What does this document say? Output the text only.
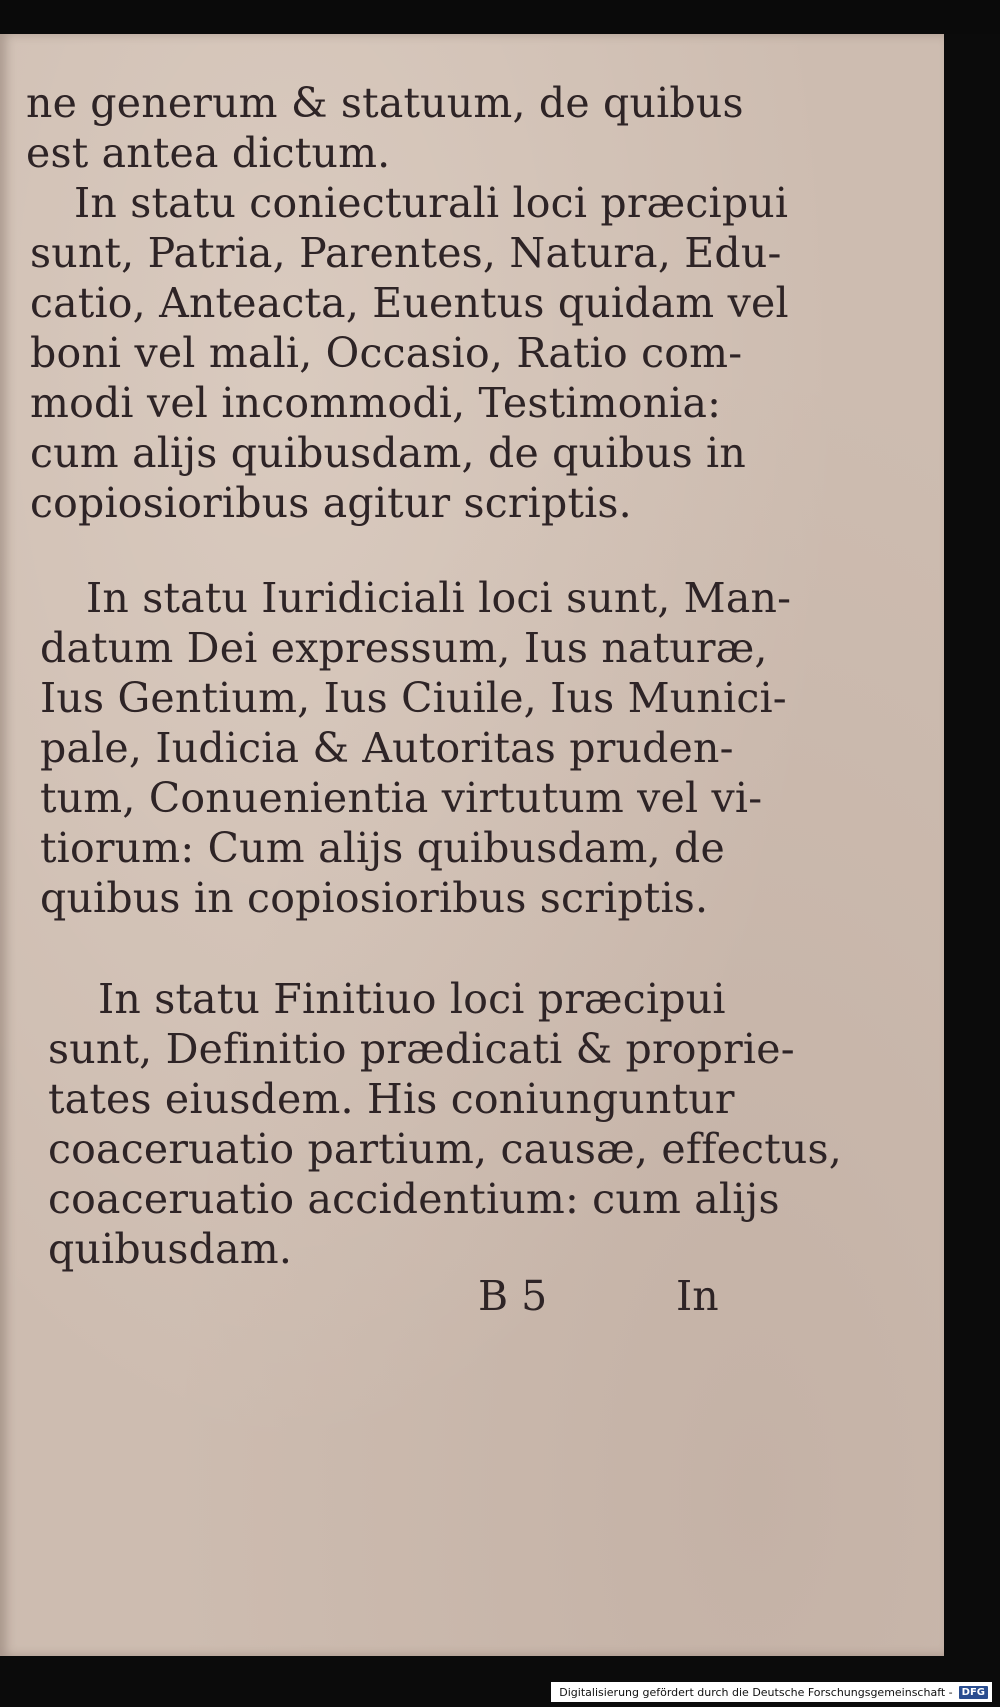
ne generum & statuum, de quibus
est antea dictum.
In statu coniecturali loci præcipui
sunt, Patria, Parentes, Natura, Edu-
catio, Anteacta, Euentus quidam vel
boni vel mali, Occasio, Ratio com-
modi vel incommodi, Testimonia:
cum alijs quibusdam, de quibus in
copiosioribus agitur scriptis.
In statu Iuridiciali loci sunt, Man-
datum Dei expressum, Ius naturæ,
Ius Gentium, Ius Ciuile, Ius Munici-
pale, Iudicia & Autoritas pruden-
tum, Conuenientia virtutum vel vi-
tiorum: Cum alijs quibusdam, de
quibus in copiosioribus scriptis.
In statu Finitiuo loci præcipui
sunt, Definitio prædicati & proprie-
tates eiusdem. His coniunguntur
coaceruatio partium, causæ, effectus,
coaceruatio accidentium: cum alijs
quibusdam.
B 5	In
Digitalisierung gefördert durch die Deutsche Forschungsgemeinschaft - DFG
